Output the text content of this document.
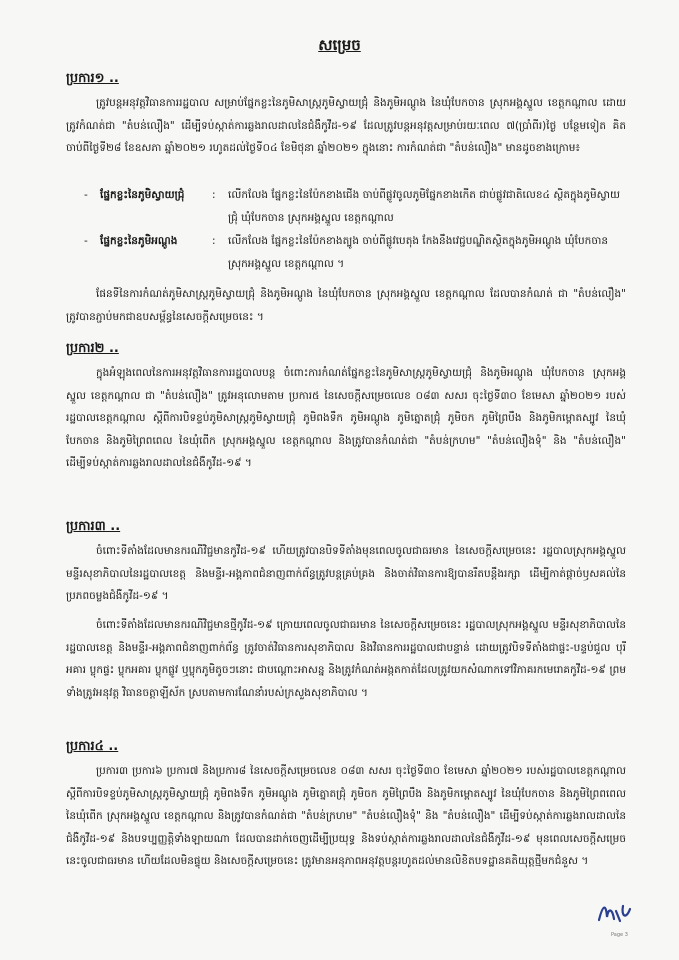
សម្រេច
ប្រការ១ ..

ត្រូវបន្តអនុវត្តវិធានការរដ្ឋបាល សម្រាប់ផ្នែកខ្លះនៃភូមិសាស្ត្រភូមិស្វាយជ្រុំ និងភូមិអណ្តូង នៃឃុំបែកចាន ស្រុកអង្គស្នួល ខេត្តកណ្តាល ដោយត្រូវកំណត់ជា "តំបន់លឿង" ដើម្បីទប់ស្កាត់ការឆ្លងរាលដាលនៃជំងឺកូវីដ-១៩ ដែលត្រូវបន្តអនុវត្តសម្រាប់រយៈពេល ៧(ប្រាំពីរ)ថ្ងៃ បន្ថែមទៀត គិតចាប់ពីថ្ងៃទី២៨ ខែឧសភា ឆ្នាំ២០២១ រហូតដល់ថ្ងៃទី០៤ ខែមិថុនា ឆ្នាំ២០២១ ក្នុងនោះ ការកំណត់ជា "តំបន់លឿង" មានដូចខាងក្រោម៖

-	ផ្នែកខ្លះនៃភូមិស្វាយជ្រុំ	:	លើកលែង ផ្នែកខ្លះនៃប៉ែកខាងជើង ចាប់ពីផ្លូវចូលភូមិផ្នែកខាងកើត ជាប់ផ្លូវជាតិលេខ៤ ស្ថិតក្នុងភូមិស្វាយជ្រុំ ឃុំបែកចាន ស្រុកអង្គស្នួល ខេត្តកណ្តាល
-	ផ្នែកខ្លះនៃភូមិអណ្តូង	:	លើកលែង ផ្នែកខ្លះនៃប៉ែកខាងត្បូង ចាប់ពីផ្លូវបេតុង កែងនឹងវេជ្ជបណ្ឌិតស្ថិតក្នុងភូមិអណ្តូង ឃុំបែកចាន ស្រុកអង្គស្នួល ខេត្តកណ្តាល ។

ផែនទីនៃការកំណត់ភូមិសាស្ត្រភូមិស្វាយជ្រុំ និងភូមិអណ្តូង នៃឃុំបែកចាន ស្រុកអង្គស្នួល ខេត្តកណ្តាល ដែលបានកំណត់ ជា "តំបន់លឿង" ត្រូវបានភ្ជាប់មកជាឧបសម្ព័ន្ធនៃសេចក្តីសម្រេចនេះ ។

ប្រការ២ ..

ក្នុងអំឡុងពេលនៃការអនុវត្តវិធានការរដ្ឋបាលបន្ត ចំពោះការកំណត់ផ្នែកខ្លះនៃភូមិសាស្ត្រភូមិស្វាយជ្រុំ និងភូមិអណ្តូង ឃុំបែកចាន ស្រុកអង្គស្នួល ខេត្តកណ្តាល ជា "តំបន់លឿង" ត្រូវអនុលោមតាម ប្រការ៥ នៃសេចក្តីសម្រេចលេខ ០៨៣ សសរ ចុះថ្ងៃទី៣០ ខែមេសា ឆ្នាំ២០២១ របស់រដ្ឋបាលខេត្តកណ្តាល ស្តីពីការបិទខ្ទប់ភូមិសាស្ត្រភូមិស្វាយជ្រុំ ភូមិពងទឹក ភូមិអណ្តូង ភូមិត្នោតជ្រុំ ភូមិចក ភូមិព្រៃបឹង និងភូមិកម្ពោតស្បូវ នៃឃុំបែកចាន និងភូមិព្រៃពពេល នៃឃុំពើក ស្រុកអង្គស្នួល ខេត្តកណ្តាល និងត្រូវបានកំណត់ជា "តំបន់ក្រហម" "តំបន់លឿងទុំ" និង "តំបន់លឿង" ដើម្បីទប់ស្កាត់ការឆ្លងរាលដាលនៃជំងឺកូវីដ-១៩ ។

ប្រការ៣ ..

ចំពោះទីតាំងដែលមានករណីវិជ្ជមានកូវីដ-១៩ ហើយត្រូវបានបិទទីតាំងមុនពេលចូលជាធរមាន នៃសេចក្តីសម្រេចនេះ រដ្ឋបាលស្រុកអង្គស្នួល មន្ទីរសុខាភិបាលនៃរដ្ឋបាលខេត្ត និងមន្ទីរ-អង្គភាពជំនាញពាក់ព័ន្ធត្រូវបន្តគ្រប់គ្រង និងចាត់វិធានការឱ្យបានរឹតបន្តឹងរក្សា ដើម្បីកាត់ផ្តាច់ឫសគល់នៃប្រភពចម្លងជំងឺកូវីដ-១៩ ។

ចំពោះទីតាំងដែលមានករណីវិជ្ជមានថ្មីកូវីដ-១៩ ក្រោយពេលចូលជាធរមាន នៃសេចក្តីសម្រេចនេះ រដ្ឋបាលស្រុកអង្គស្នួល មន្ទីរសុខាភិបាលនៃរដ្ឋបាលខេត្ត និងមន្ទីរ-អង្គភាពជំនាញពាក់ព័ន្ធ ត្រូវចាត់វិធានការសុខាភិបាល និងវិធានការរដ្ឋបាលជាបន្ទាន់ ដោយត្រូវបិទទីតាំងជាផ្ទះ-បន្ទប់ជួល បុរីអគារ ប្លុកផ្ទះ ប្លុកអគារ ប្លុកផ្លូវ ឬប្លុកភូមិតូចៗនោះ ជាបណ្តោះអាសន្ន និងត្រូវកំណត់អង្កតកាត់ដែលត្រូវយកសំណាកទៅវិភាគរកមេរោគកូវីដ-១៩ ព្រមទាំងត្រូវអនុវត្ត វិធានចត្តាឡីស័ក ស្របតាមការណែនាំរបស់ក្រសួងសុខាភិបាល ។

ប្រការ៤ ..

ប្រការ៣ ប្រការ៦ ប្រការ៧ និងប្រការ៨ នៃសេចក្តីសម្រេចលេខ ០៨៣ សសរ ចុះថ្ងៃទី៣០ ខែមេសា ឆ្នាំ២០២១ របស់រដ្ឋបាលខេត្តកណ្តាល ស្តីពីការបិទខ្ទប់ភូមិសាស្ត្រភូមិស្វាយជ្រុំ ភូមិពងទឹក ភូមិអណ្តូង ភូមិត្នោតជ្រុំ ភូមិចក ភូមិព្រៃបឹង និងភូមិកម្ពោតស្បូវ នៃឃុំបែកចាន និងភូមិព្រៃពពេល នៃឃុំពើក ស្រុកអង្គស្នួល ខេត្តកណ្តាល និងត្រូវបានកំណត់ជា "តំបន់ក្រហម" "តំបន់លឿងទុំ" និង "តំបន់លឿង" ដើម្បីទប់ស្កាត់ការឆ្លងរាលដាលនៃជំងឺកូវីដ-១៩ និងបទប្បញ្ញត្តិទាំងឡាយណា ដែលបានដាក់ចេញដើម្បីប្រយុទ្ធ និងទប់ស្កាត់ការឆ្លងរាលដាលនៃជំងឺកូវីដ-១៩ មុនពេលសេចក្តីសម្រេចនេះចូលជាធរមាន ហើយដែលមិនផ្ទុយ និងសេចក្តីសម្រេចនេះ ត្រូវមានអនុភាពអនុវត្តបន្តរហូតដល់មានលិខិតបទដ្ឋានគតិយុត្តថ្មីមកជំនួស ។

Page 3
